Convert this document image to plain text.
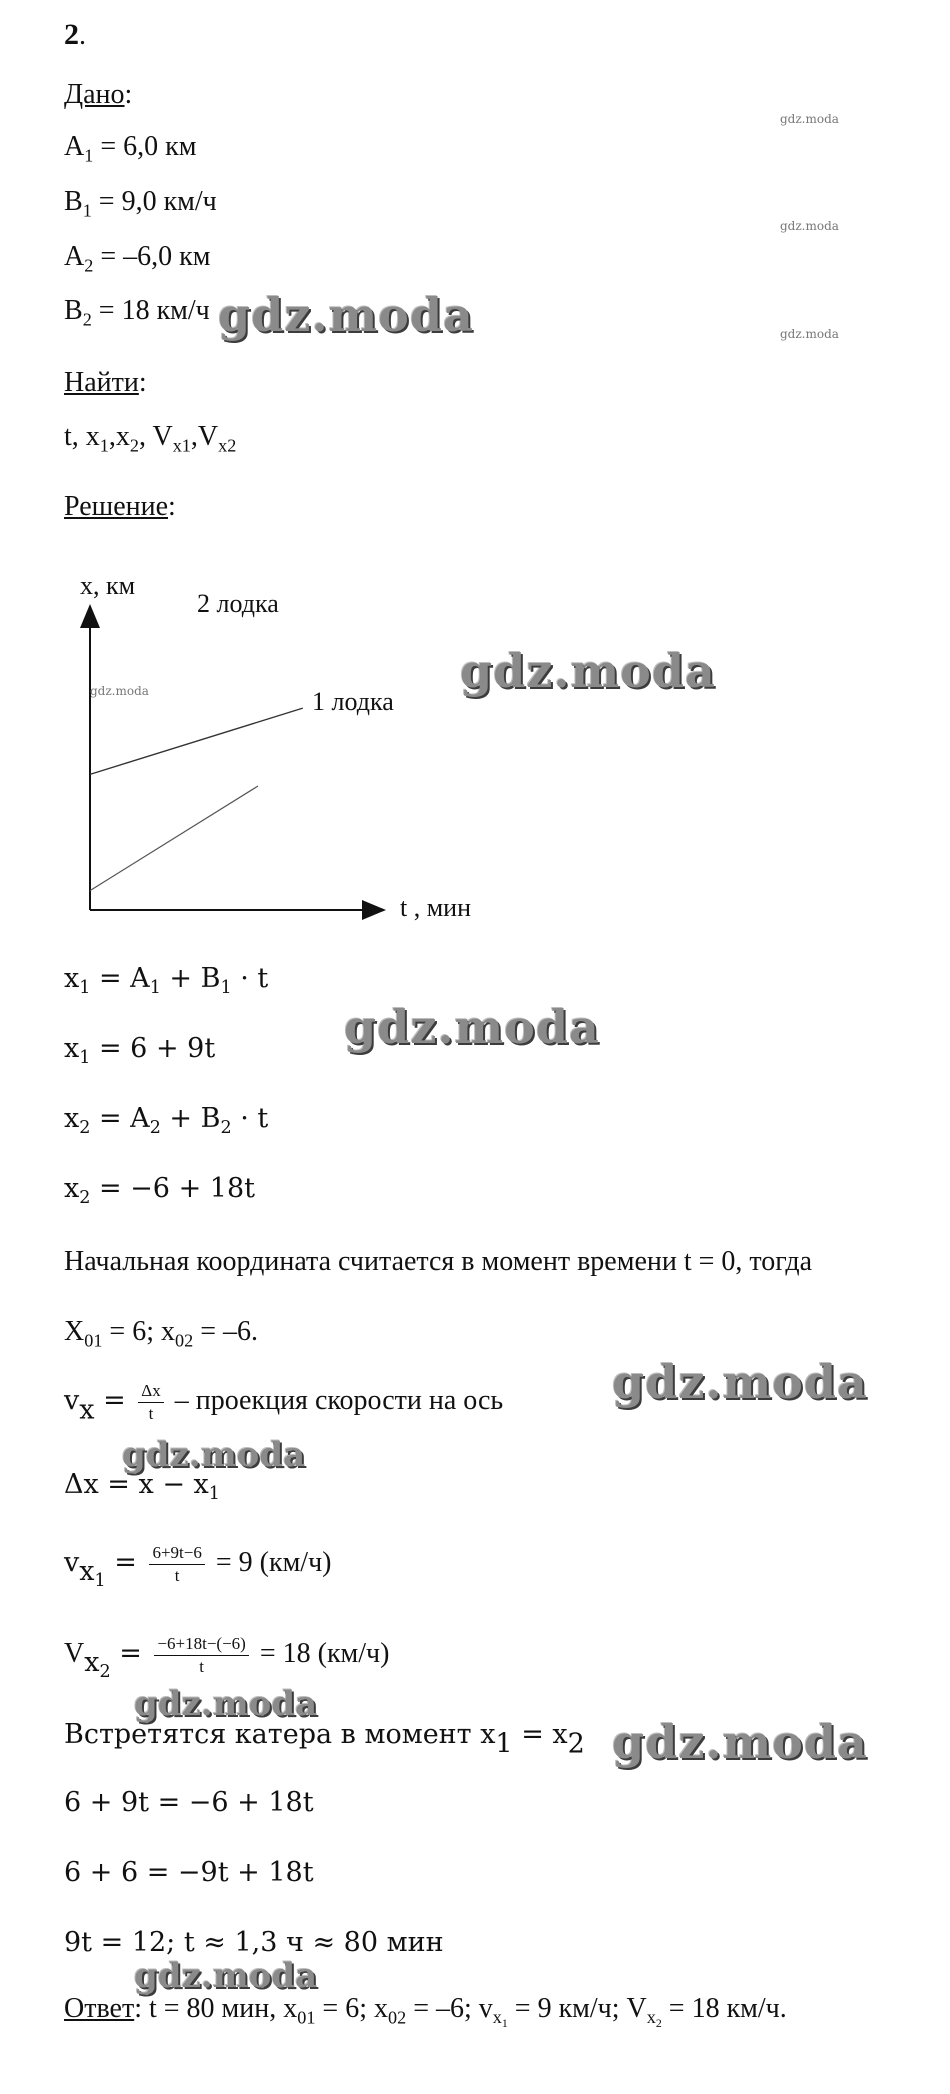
2.
Дано:
$A_1 = 6,0$ км
$B_1 = 9,0$ км/ч
$A_2 = -6,0$ км
$B_2 = 18$ км/ч
Найти:
t, $x_1,x_2$, $V_{x1},V_{x2}$
Решение:
x, км
t , мин
1 лодка
2 лодка
$x_1 = A_1 + B_1 \cdot t$
$x_1 = 6 + 9t$
$x_2 = A_2 + B_2 \cdot t$
$x_2 = -6 + 18t$
Начальная координата считается в момент времени t = 0, тогда
$X_{01} = 6$; $x_{02} = -6$.
$v_x = \frac{\Delta x}{t}$ – проекция скорости на ось
$\Delta x = x - x_1$
$v_{x_1} = \frac{6+9t-6}{t} = 9$ (км/ч)
$V_{x_2} = \frac{-6+18t-(-6)}{t} = 18$ (км/ч)
Встретятся катера в момент $x_1 = x_2$
6 + 9t = −6 + 18t
6 + 6 = −9t + 18t
9t = 12; t ≈ 1,3 ч ≈ 80 мин
Ответ: t = 80 мин, $x_{01} = 6$; $x_{02} = -6$; $v_{x_1} = 9$ км/ч; $V_{x_2} = 18$ км/ч.
gdz.moda
gdz.moda
gdz.moda
gdz.moda
gdz.moda	gdz.moda
gdz.moda
gdz.moda
gdz.moda
gdz.moda
gdz.moda
gdz.moda
